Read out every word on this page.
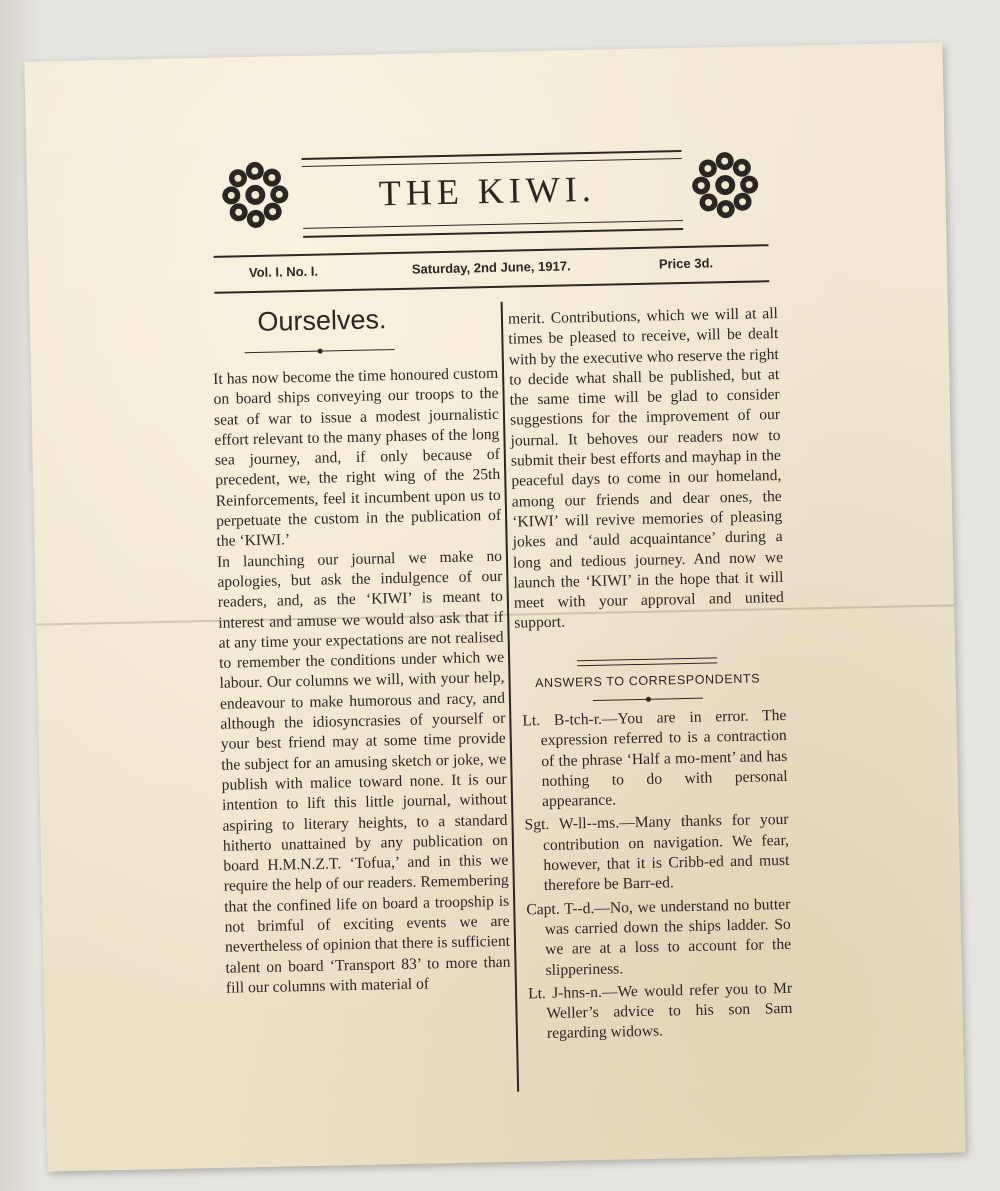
THE KIWI.
Vol. I. No. I.	Saturday, 2nd June, 1917.	Price 3d.
Ourselves.

It has now become the time honoured custom on board ships conveying our troops to the seat of war to issue a modest journalistic effort relevant to the many phases of the long sea journey, and, if only because of precedent, we, the right wing of the 25th Reinforcements, feel it incumbent upon us to perpetuate the custom in the publication of the ‘KIWI.’

In launching our journal we make no apologies, but ask the indulgence of our readers, and, as the ‘KIWI’ is meant to interest and amuse we would also ask that if at any time your expectations are not realised to remember the conditions under which we labour. Our columns we will, with your help, endeavour to make humorous and racy, and although the idiosyncrasies of yourself or your best friend may at some time provide the subject for an amusing sketch or joke, we publish with malice toward none. It is our intention to lift this little journal, without aspiring to literary heights, to a standard hitherto unattained by any publication on board H.M.N.Z.T. ‘Tofua,’ and in this we require the help of our readers. Remembering that the confined life on board a troopship is not brimful of exciting events we are nevertheless of opinion that there is sufficient talent on board ‘Transport 83’ to more than fill our columns with material of

merit. Contributions, which we will at all times be pleased to receive, will be dealt with by the executive who reserve the right to decide what shall be published, but at the same time will be glad to consider suggestions for the improvement of our journal. It behoves our readers now to submit their best efforts and mayhap in the peaceful days to come in our homeland, among our friends and dear ones, the ‘KIWI’ will revive memories of pleasing jokes and ‘auld acquaintance’ during a long and tedious journey. And now we launch the ‘KIWI’ in the hope that it will meet with your approval and united support.

ANSWERS TO CORRESPONDENTS

Lt. B-tch-r.—You are in error. The expression referred to is a contraction of the phrase ‘Half a mo-ment’ and has nothing to do with personal appearance.

Sgt. W-ll--ms.—Many thanks for your contribution on navigation. We fear, however, that it is Cribb-ed and must therefore be Barr-ed.

Capt. T--d.—No, we understand no butter was carried down the ships ladder. So we are at a loss to account for the slipperiness.

Lt. J-hns-n.—We would refer you to Mr Weller’s advice to his son Sam regarding widows.
